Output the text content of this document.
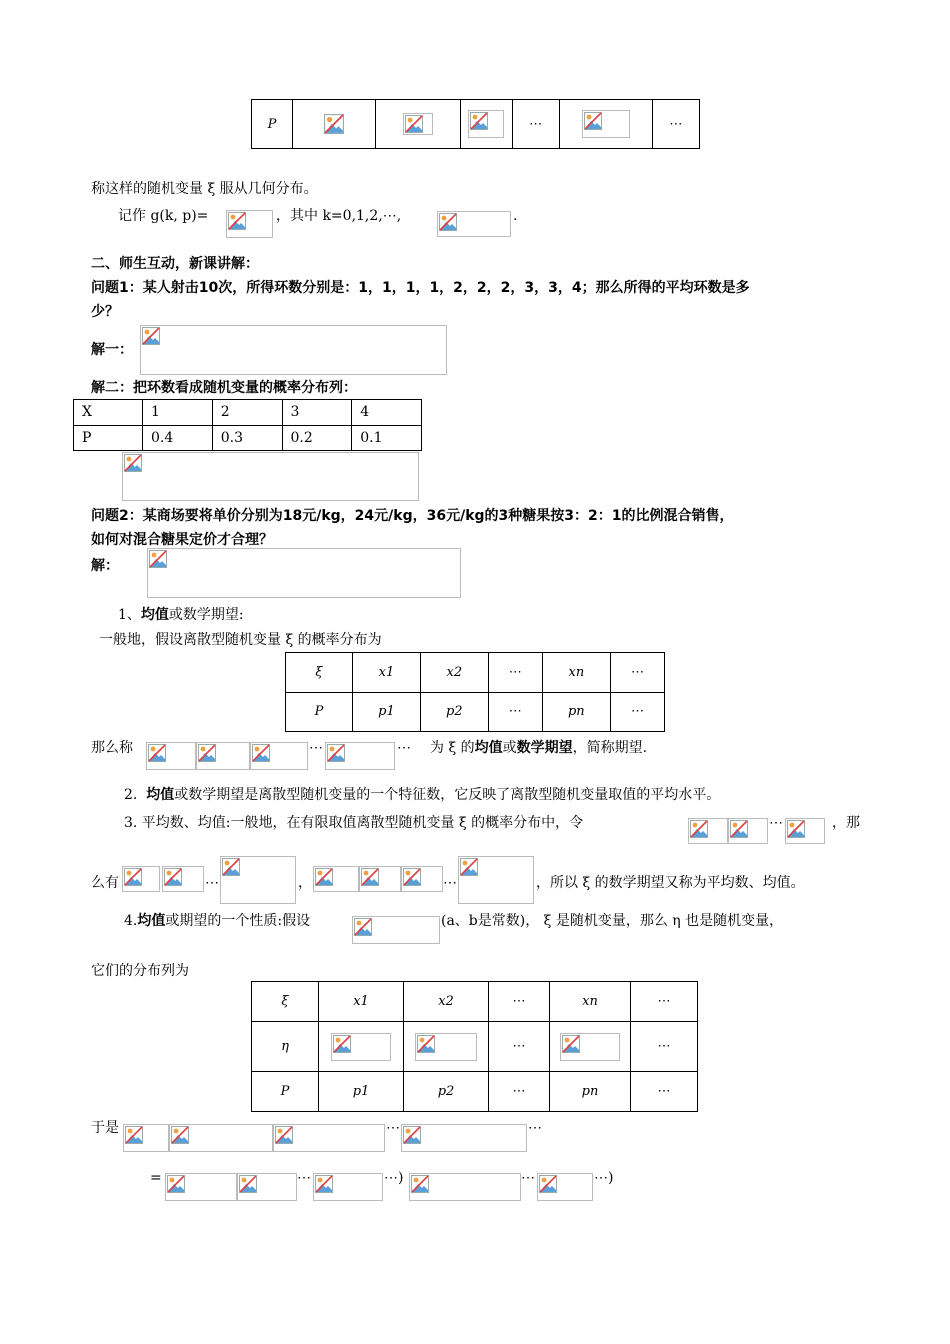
P				⋯		⋯
称这样的随机变量 ξ 服从几何分布。
记作 g(k, p)=	，其中 k=0,1,2,⋯,	.
二、师生互动，新课讲解：
问题1：某人射击10次，所得环数分别是：1，1，1，1，2，2，2，3，3，4；那么所得的平均环数是多
少？
解一：
解二：把环数看成随机变量的概率分布列：
X	1	2	3	4
P	0.4	0.3	0.2	0.1
问题2：某商场要将单价分别为18元/kg，24元/kg，36元/kg的3种糖果按3：2：1的比例混合销售，
如何对混合糖果定价才合理？
解：
1、均值或数学期望:
一般地，假设离散型随机变量 ξ 的概率分布为
ξ	x1	x2	⋯	xn	⋯
P	p1	p2	⋯	pn	⋯
那么称	⋯	⋯ 为 ξ 的均值或数学期望，简称期望.
2. 均值或数学期望是离散型随机变量的一个特征数，它反映了离散型随机变量取值的平均水平。
3. 平均数、均值:一般地，在有限取值离散型随机变量 ξ 的概率分布中，令	⋯	，那
么有	⋯	，	⋯	，所以 ξ 的数学期望又称为平均数、均值。
4.均值或期望的一个性质:假设	(a、b是常数)， ξ 是随机变量，那么 η 也是随机变量，
它们的分布列为
ξ	x1	x2	⋯	xn	⋯
η			⋯		⋯
P	p1	p2	⋯	pn	⋯
于是	⋯	⋯
=	⋯	⋯)	⋯	⋯)
